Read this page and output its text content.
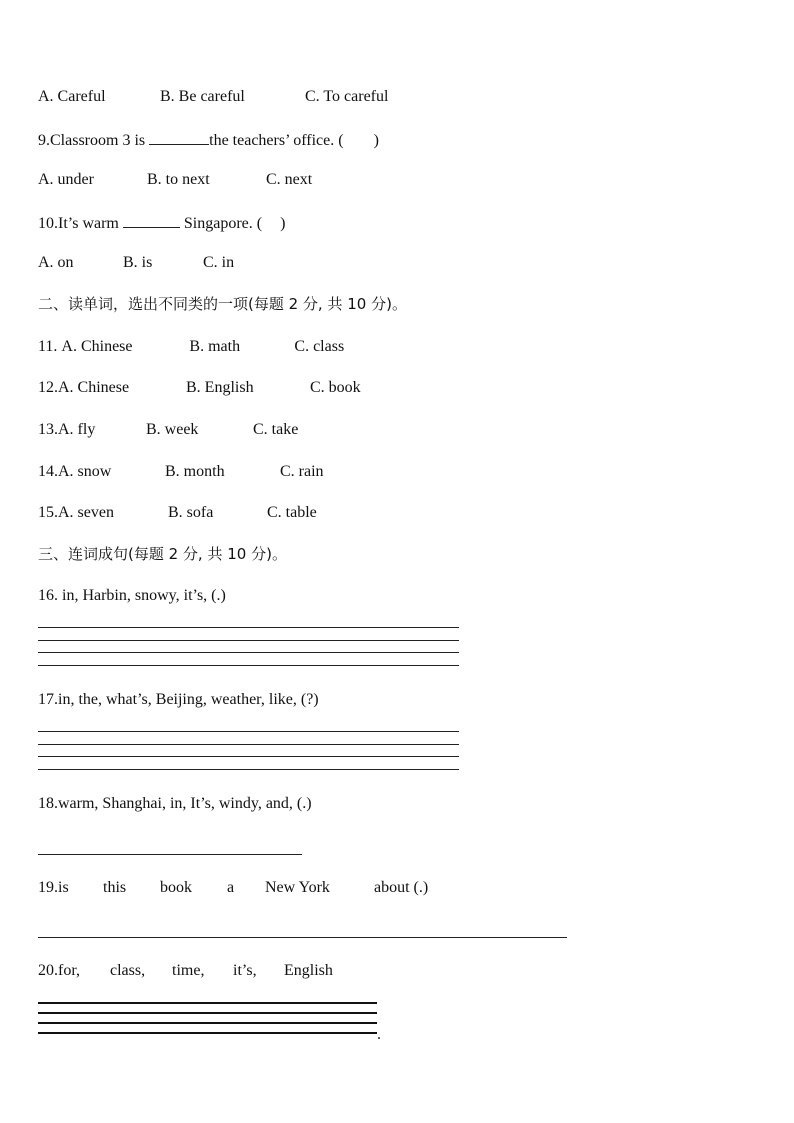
A. Careful	B. Be careful	C. To careful
9.Classroom 3 is	the teachers’ office. ( )
A. under	B. to next	C. next
10.It’s warm	Singapore. ( )
A. on	B. is	C. in
二、读单词，选出不同类的一项(每题 2 分, 共 10 分)。
11. A. Chinese	B. math	C. class
12.A. Chinese	B. English	C. book
13.A. fly	B. week	C. take
14.A. snow	B. month	C. rain
15.A. seven	B. sofa	C. table
三、连词成句(每题 2 分, 共 10 分)。
16. in, Harbin, snowy, it’s, (.)
17.in, the, what’s, Beijing, weather, like, (?)
18.warm, Shanghai, in, It’s, windy, and, (.)
19.is this book a New York	about (.)
20.for, class, time, it’s, English
.
